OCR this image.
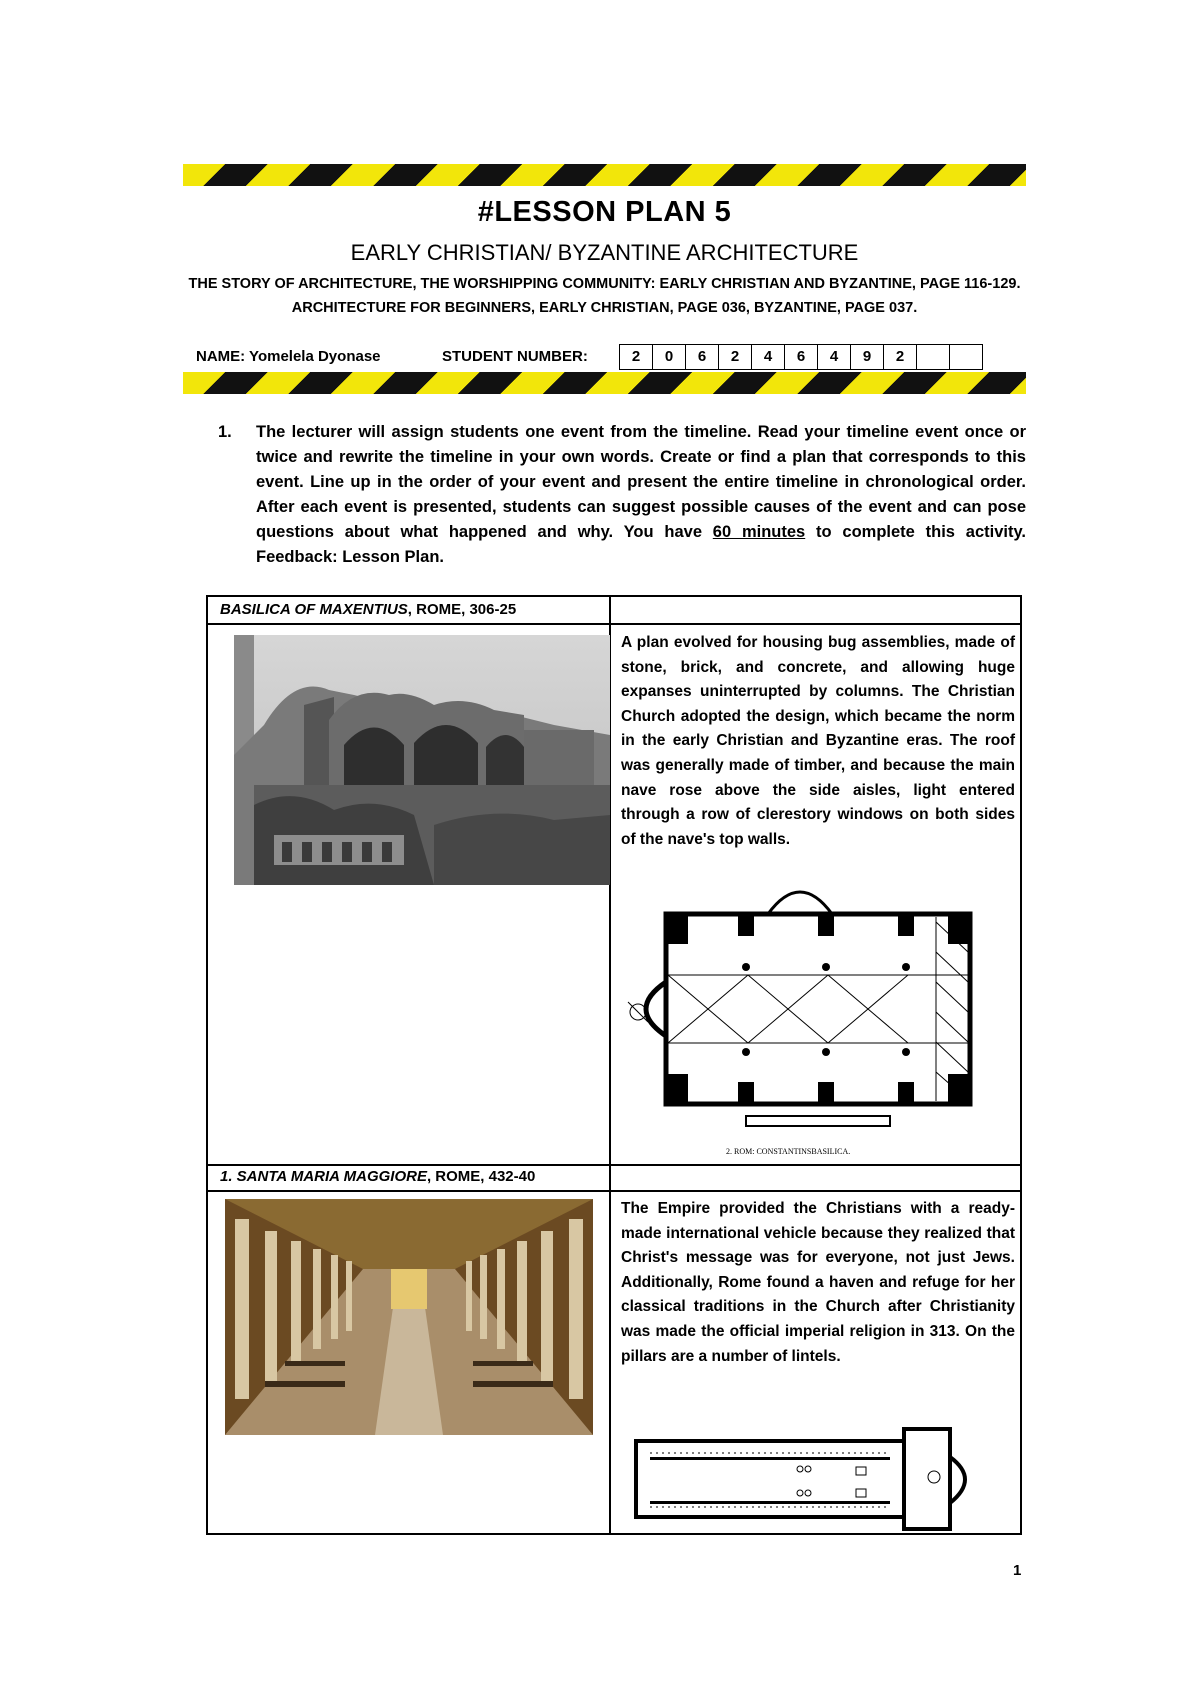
#LESSON PLAN 5
EARLY CHRISTIAN/ BYZANTINE ARCHITECTURE
THE STORY OF ARCHITECTURE, THE WORSHIPPING COMMUNITY: EARLY CHRISTIAN AND BYZANTINE, PAGE 116-129. ARCHITECTURE FOR BEGINNERS, EARLY CHRISTIAN, PAGE 036, BYZANTINE, PAGE 037.
NAME: Yomelela Dyonase	STUDENT NUMBER:	2	0	6	2	4	6	4	9	2
1. The lecturer will assign students one event from the timeline. Read your timeline event once or twice and rewrite the timeline in your own words. Create or find a plan that corresponds to this event. Line up in the order of your event and present the entire timeline in chronological order. After each event is presented, students can suggest possible causes of the event and can pose questions about what happened and why. You have 60 minutes to complete this activity. Feedback: Lesson Plan.
BASILICA OF MAXENTIUS, ROME, 306-25
A plan evolved for housing bug assemblies, made of stone, brick, and concrete, and allowing huge expanses uninterrupted by columns. The Christian Church adopted the design, which became the norm in the early Christian and Byzantine eras. The roof was generally made of timber, and because the main nave rose above the side aisles, light entered through a row of clerestory windows on both sides of the nave's top walls.
2. ROM: CONSTANTINSBASILICA.
1. SANTA MARIA MAGGIORE, ROME, 432-40
The Empire provided the Christians with a ready-made international vehicle because they realized that Christ's message was for everyone, not just Jews. Additionally, Rome found a haven and refuge for her classical traditions in the Church after Christianity was made the official imperial religion in 313. On the pillars are a number of lintels.
1
